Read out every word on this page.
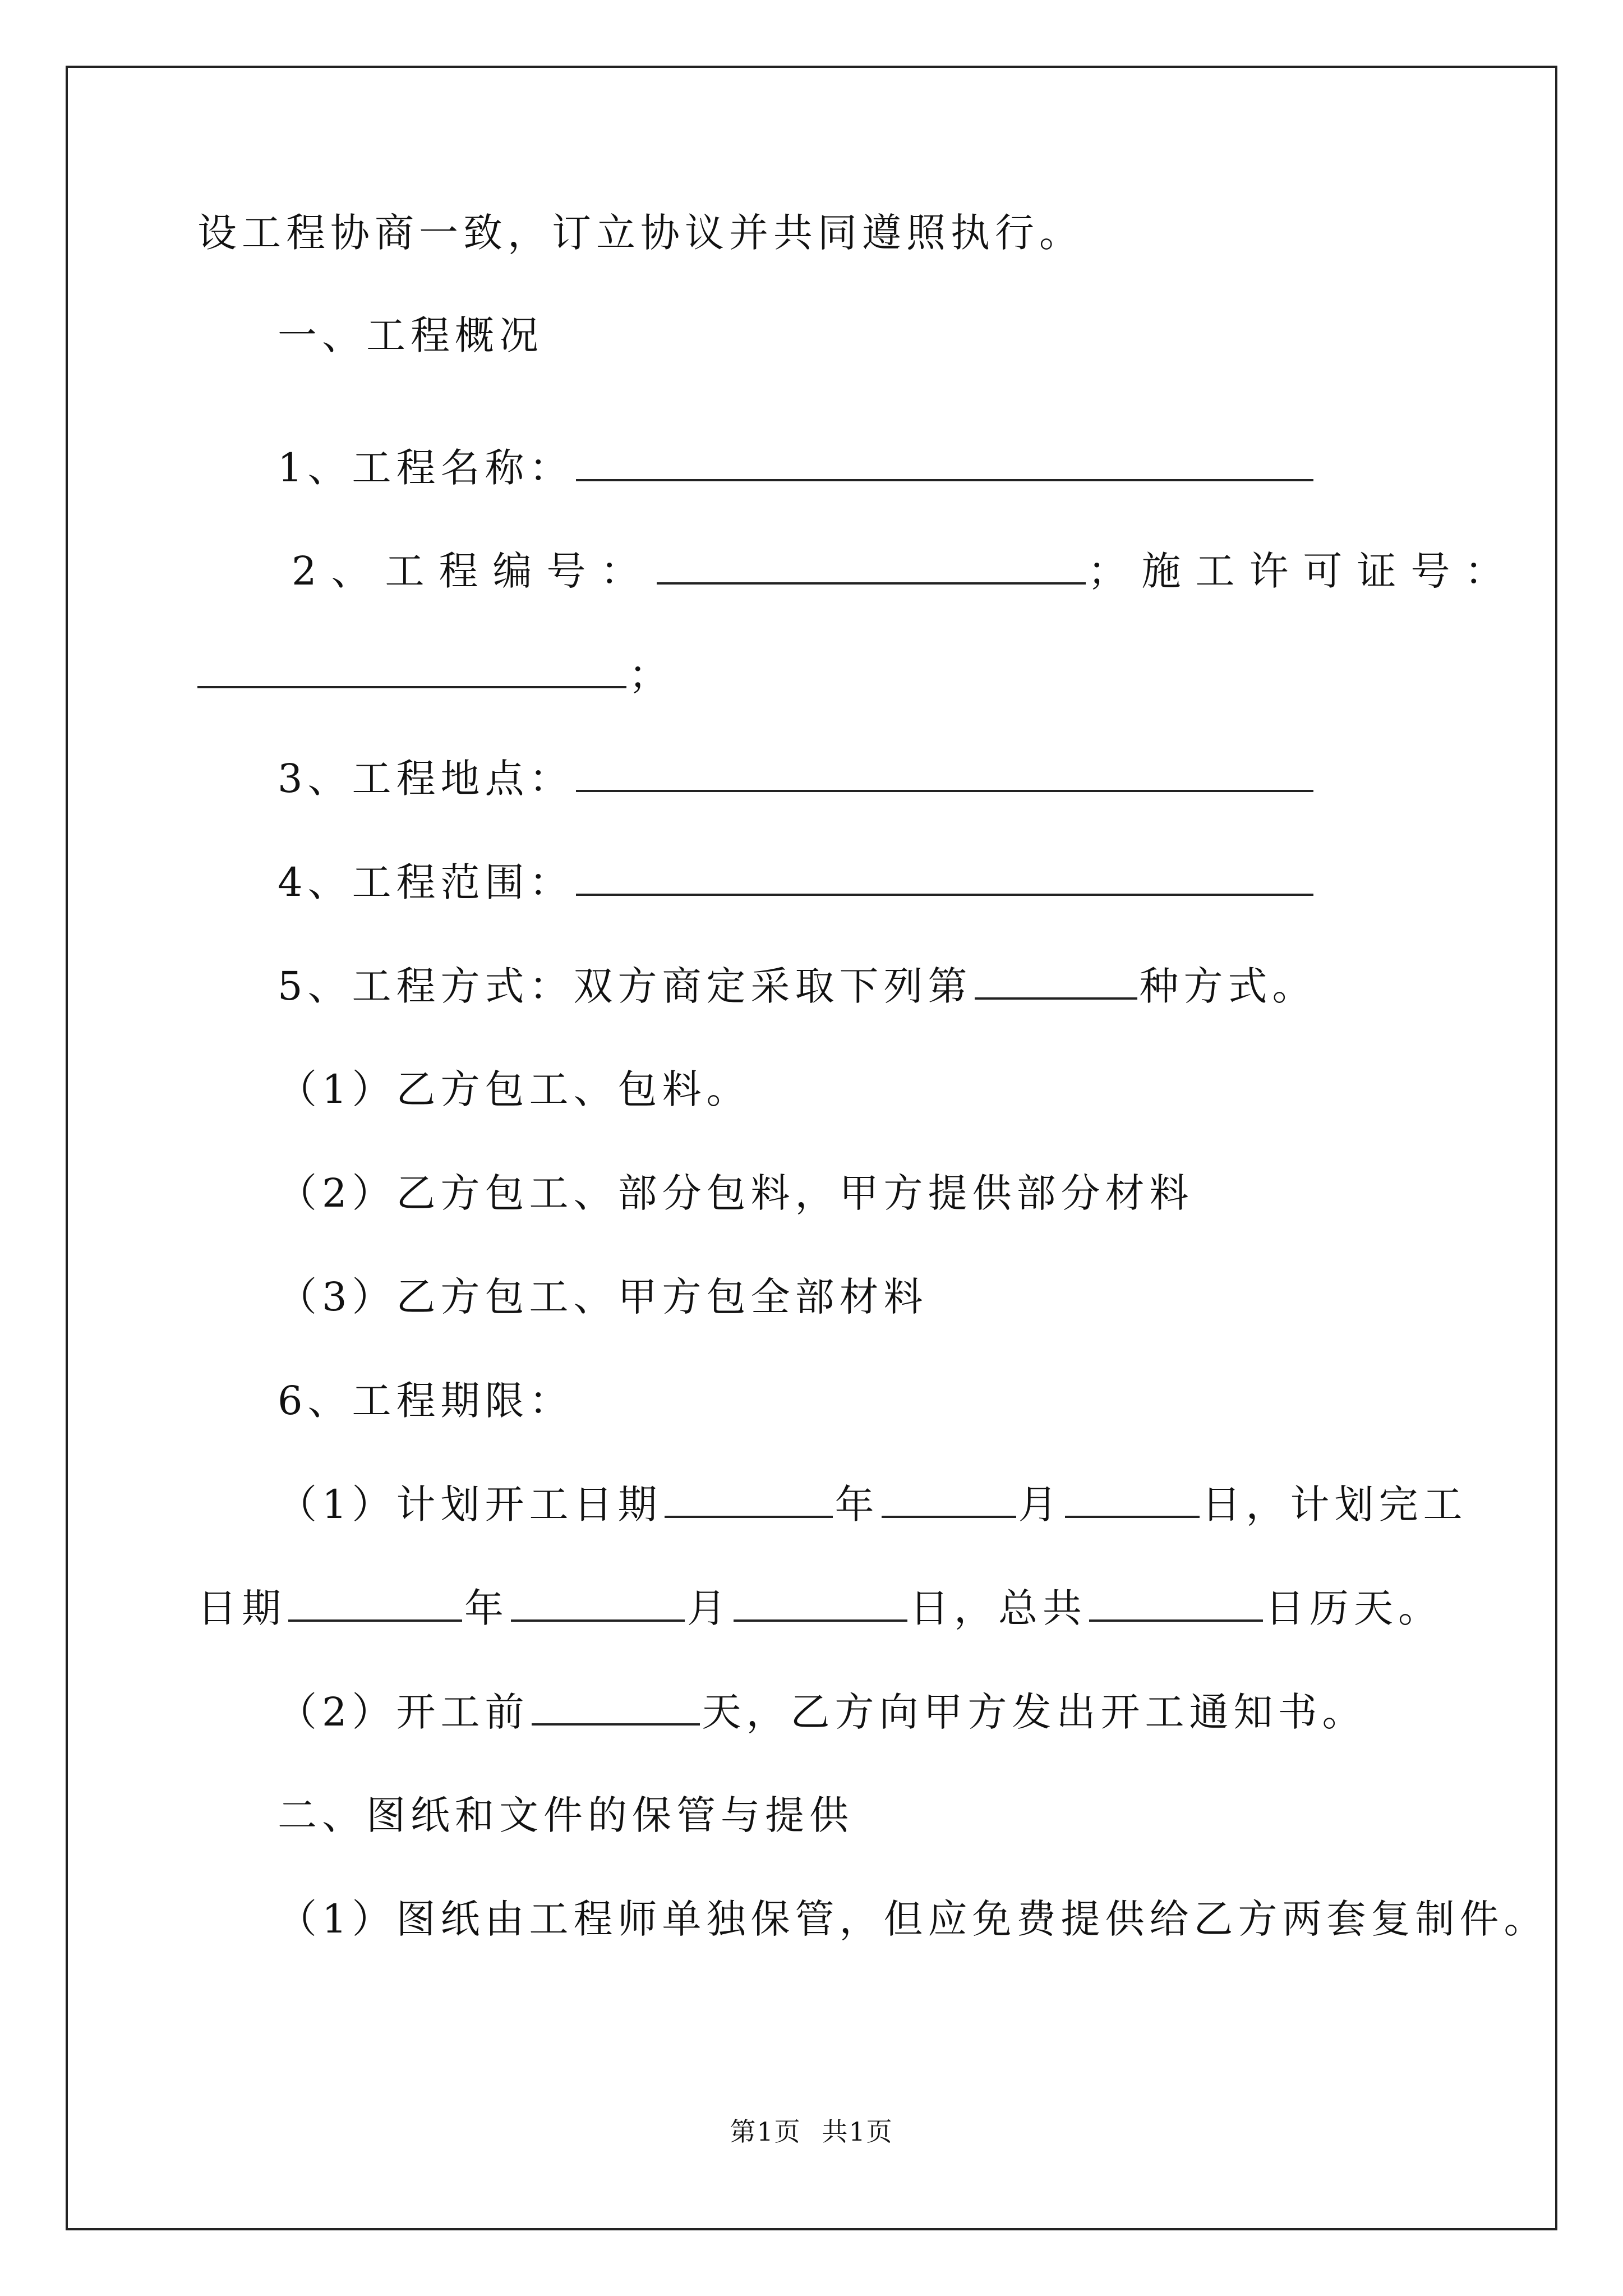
设工程协商一致，订立协议并共同遵照执行。
一、工程概况
1、工程名称：
2、工程编号：	；施工许可证号：
；
3、工程地点：
4、工程范围：
5、工程方式：双方商定采取下列第	种方式。
（1）乙方包工、包料。
（2）乙方包工、部分包料，甲方提供部分材料
（3）乙方包工、甲方包全部材料
6、工程期限：
（1）计划开工日期	年	月	日，计划完工
日期	年	月	日，总共	日历天。
（2）开工前	天，乙方向甲方发出开工通知书。
二、图纸和文件的保管与提供
（1）图纸由工程师单独保管，但应免费提供给乙方两套复制件。
第1页 共1页
